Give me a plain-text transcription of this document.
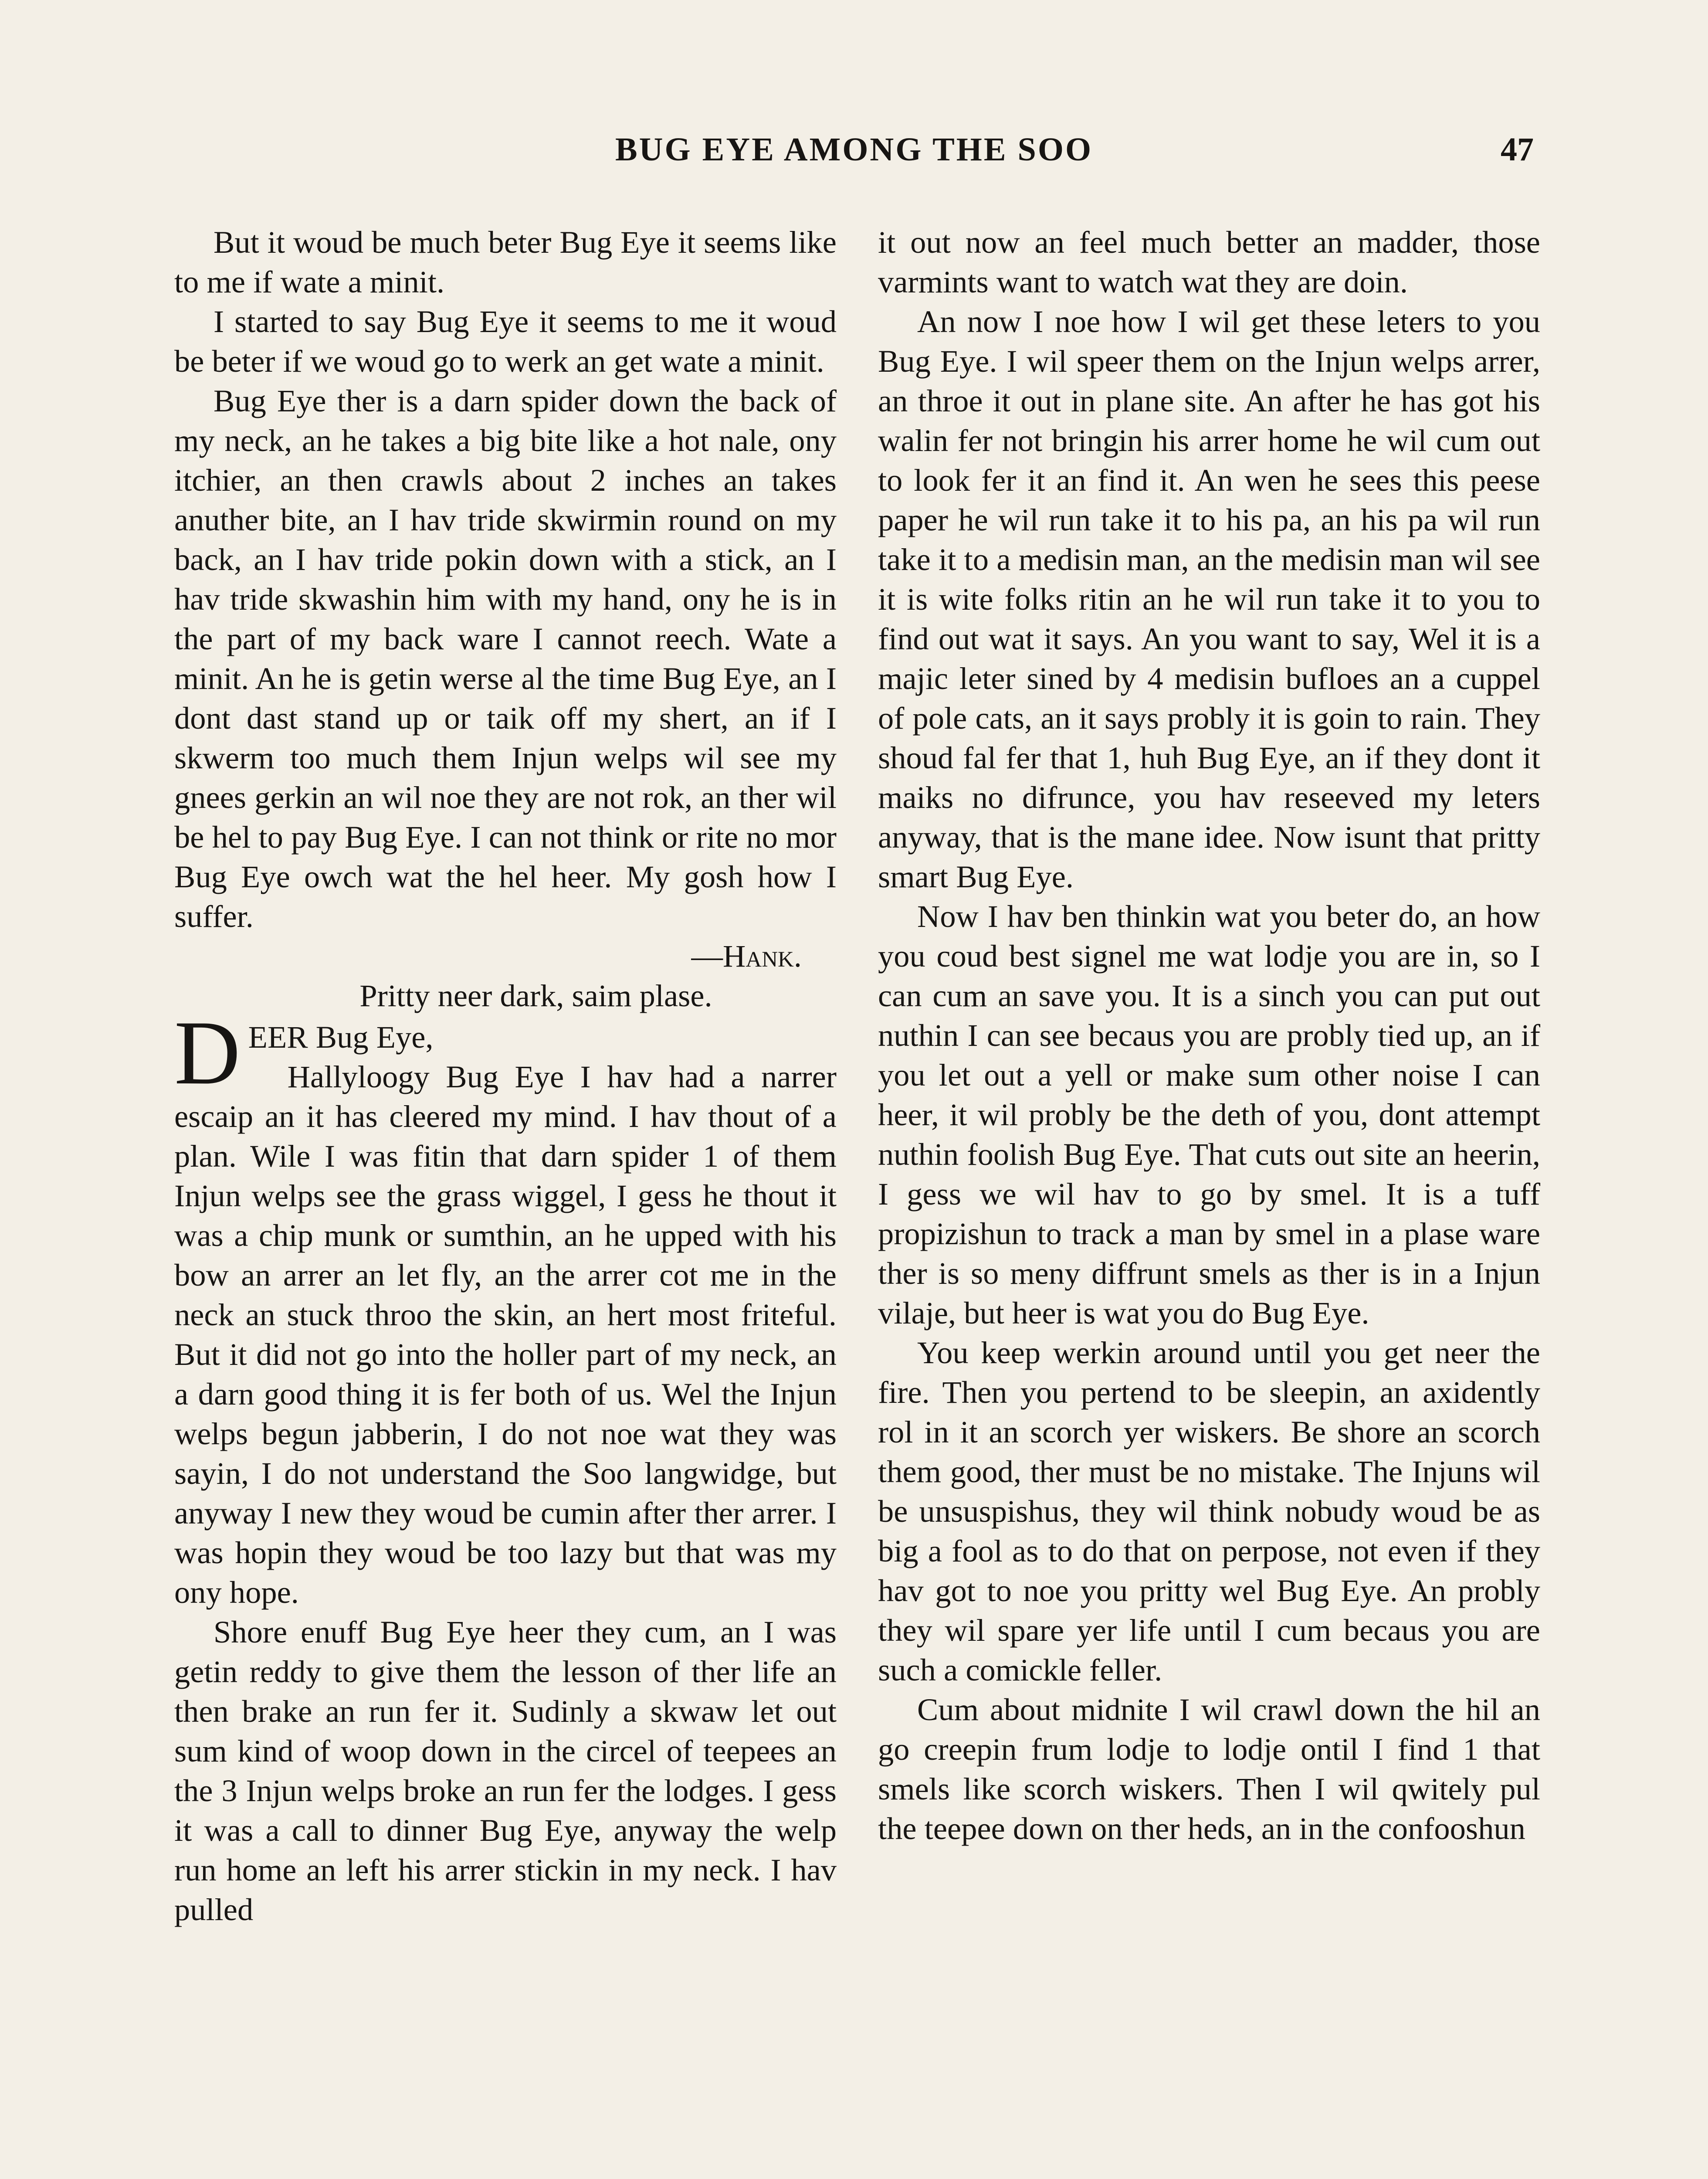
BUG EYE AMONG THE SOO	47

But it woud be much beter Bug Eye it seems like to me if wate a minit.

I started to say Bug Eye it seems to me it woud be beter if we woud go to werk an get wate a minit.

Bug Eye ther is a darn spider down the back of my neck, an he takes a big bite like a hot nale, ony itchier, an then crawls about 2 inches an takes anuther bite, an I hav tride skwirmin round on my back, an I hav tride pokin down with a stick, an I hav tride skwashin him with my hand, ony he is in the part of my back ware I cannot reech. Wate a minit. An he is getin werse al the time Bug Eye, an I dont dast stand up or taik off my shert, an if I skwerm too much them Injun welps wil see my gnees gerkin an wil noe they are not rok, an ther wil be hel to pay Bug Eye. I can not think or rite no mor Bug Eye owch wat the hel heer. My gosh how I suffer.

—Hank.

Pritty neer dark, saim plase.

D EER Bug Eye,
Hallyloogy Bug Eye I hav had a narrer escaip an it has cleered my mind. I hav thout of a plan. Wile I was fitin that darn spider 1 of them Injun welps see the grass wiggel, I gess he thout it was a chip munk or sumthin, an he upped with his bow an arrer an let fly, an the arrer cot me in the neck an stuck throo the skin, an hert most friteful. But it did not go into the holler part of my neck, an a darn good thing it is fer both of us. Wel the Injun welps begun jabberin, I do not noe wat they was sayin, I do not understand the Soo langwidge, but anyway I new they woud be cumin after ther arrer. I was hopin they woud be too lazy but that was my ony hope.

Shore enuff Bug Eye heer they cum, an I was getin reddy to give them the lesson of ther life an then brake an run fer it. Sudinly a skwaw let out sum kind of woop down in the circel of teepees an the 3 Injun welps broke an run fer the lodges. I gess it was a call to dinner Bug Eye, anyway the welp run home an left his arrer stickin in my neck. I hav pulled

it out now an feel much better an madder, those varmints want to watch wat they are doin.

An now I noe how I wil get these leters to you Bug Eye. I wil speer them on the Injun welps arrer, an throe it out in plane site. An after he has got his walin fer not bringin his arrer home he wil cum out to look fer it an find it. An wen he sees this peese paper he wil run take it to his pa, an his pa wil run take it to a medisin man, an the medisin man wil see it is wite folks ritin an he wil run take it to you to find out wat it says. An you want to say, Wel it is a majic leter sined by 4 medisin bufloes an a cuppel of pole cats, an it says probly it is goin to rain. They shoud fal fer that 1, huh Bug Eye, an if they dont it maiks no difrunce, you hav reseeved my leters anyway, that is the mane idee. Now isunt that pritty smart Bug Eye.

Now I hav ben thinkin wat you beter do, an how you coud best signel me wat lodje you are in, so I can cum an save you. It is a sinch you can put out nuthin I can see becaus you are probly tied up, an if you let out a yell or make sum other noise I can heer, it wil probly be the deth of you, dont attempt nuthin foolish Bug Eye. That cuts out site an heerin, I gess we wil hav to go by smel. It is a tuff propizishun to track a man by smel in a plase ware ther is so meny diffrunt smels as ther is in a Injun vilaje, but heer is wat you do Bug Eye.

You keep werkin around until you get neer the fire. Then you pertend to be sleepin, an axidently rol in it an scorch yer wiskers. Be shore an scorch them good, ther must be no mistake. The Injuns wil be unsuspishus, they wil think nobudy woud be as big a fool as to do that on perpose, not even if they hav got to noe you pritty wel Bug Eye. An probly they wil spare yer life until I cum becaus you are such a comickle feller.

Cum about midnite I wil crawl down the hil an go creepin frum lodje to lodje ontil I find 1 that smels like scorch wiskers. Then I wil qwitely pul the teepee down on ther heds, an in the confooshun
